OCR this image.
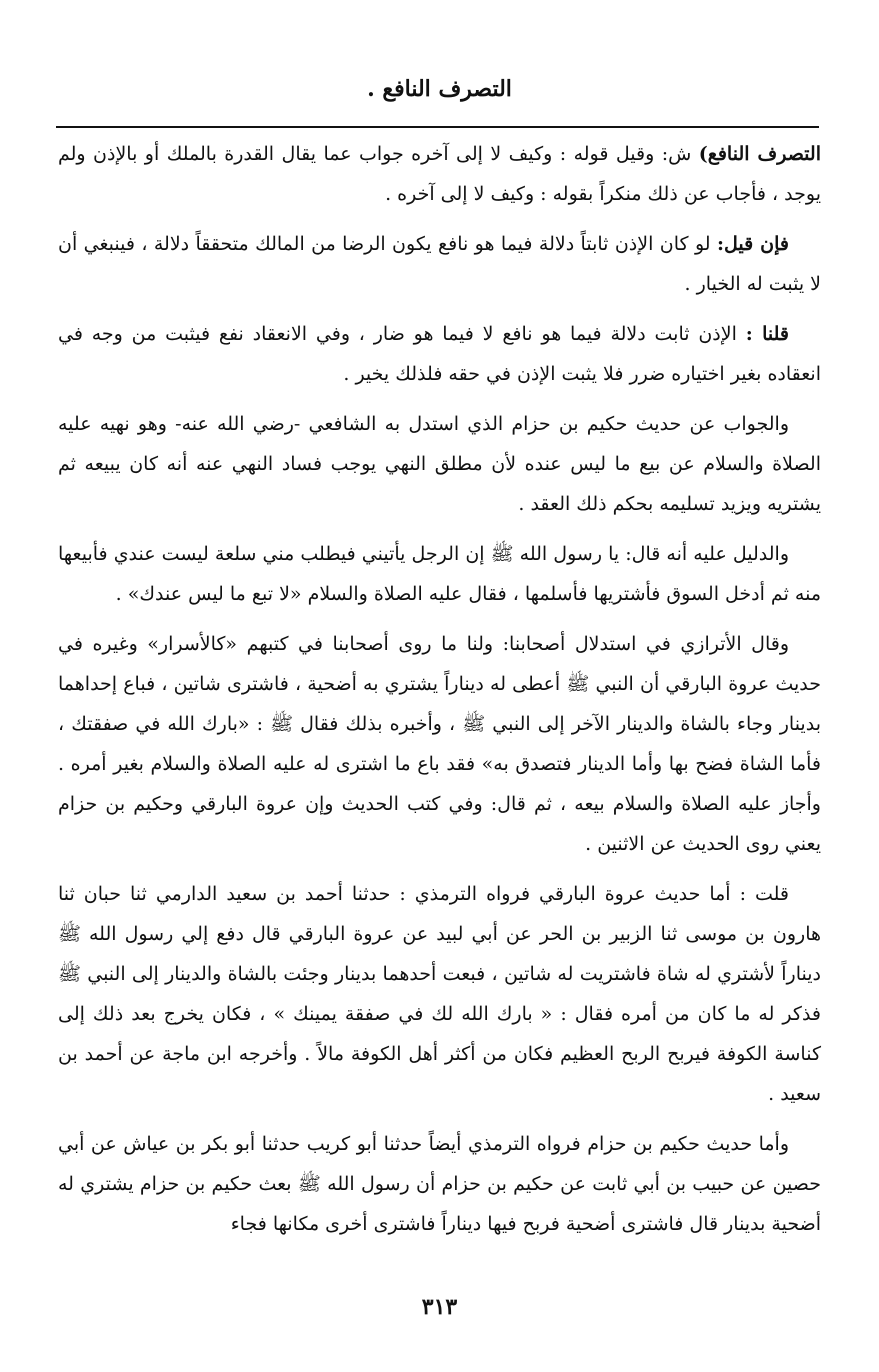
التصرف النافع .

التصرف النافع) ش: وقيل قوله : وكيف لا إلى آخره جواب عما يقال القدرة بالملك أو بالإذن ولم يوجد ، فأجاب عن ذلك منكراً بقوله : وكيف لا إلى آخره .

فإن قيل: لو كان الإذن ثابتاً دلالة فيما هو نافع يكون الرضا من المالك متحققاً دلالة ، فينبغي أن لا يثبت له الخيار .

قلنا : الإذن ثابت دلالة فيما هو نافع لا فيما هو ضار ، وفي الانعقاد نفع فيثبت من وجه في انعقاده بغير اختياره ضرر فلا يثبت الإذن في حقه فلذلك يخير .

والجواب عن حديث حكيم بن حزام الذي استدل به الشافعي -رضي الله عنه- وهو نهيه عليه الصلاة والسلام عن بيع ما ليس عنده لأن مطلق النهي يوجب فساد النهي عنه أنه كان يبيعه ثم يشتريه ويزيد تسليمه بحكم ذلك العقد .

والدليل عليه أنه قال: يا رسول الله ﷺ إن الرجل يأتيني فيطلب مني سلعة ليست عندي فأبيعها منه ثم أدخل السوق فأشتريها فأسلمها ، فقال عليه الصلاة والسلام «لا تبع ما ليس عندك» .

وقال الأترازي في استدلال أصحابنا: ولنا ما روى أصحابنا في كتبهم «كالأسرار» وغيره في حديث عروة البارقي أن النبي ﷺ أعطى له ديناراً يشتري به أضحية ، فاشترى شاتين ، فباع إحداهما بدينار وجاء بالشاة والدينار الآخر إلى النبي ﷺ ، وأخبره بذلك فقال ﷺ : «بارك الله في صفقتك ، فأما الشاة فضح بها وأما الدينار فتصدق به» فقد باع ما اشترى له عليه الصلاة والسلام بغير أمره . وأجاز عليه الصلاة والسلام بيعه ، ثم قال: وفي كتب الحديث وإن عروة البارقي وحكيم بن حزام يعني روى الحديث عن الاثنين .

قلت : أما حديث عروة البارقي فرواه الترمذي : حدثنا أحمد بن سعيد الدارمي ثنا حبان ثنا هارون بن موسى ثنا الزبير بن الحر عن أبي لبيد عن عروة البارقي قال دفع إلي رسول الله ﷺ ديناراً لأشتري له شاة فاشتريت له شاتين ، فبعت أحدهما بدينار وجئت بالشاة والدينار إلى النبي ﷺ فذكر له ما كان من أمره فقال : « بارك الله لك في صفقة يمينك » ، فكان يخرج بعد ذلك إلى كناسة الكوفة فيربح الربح العظيم فكان من أكثر أهل الكوفة مالاً . وأخرجه ابن ماجة عن أحمد بن سعيد .

وأما حديث حكيم بن حزام فرواه الترمذي أيضاً حدثنا أبو كريب حدثنا أبو بكر بن عياش عن أبي حصين عن حبيب بن أبي ثابت عن حكيم بن حزام أن رسول الله ﷺ بعث حكيم بن حزام يشتري له أضحية بدينار قال فاشترى أضحية فربح فيها ديناراً فاشترى أخرى مكانها فجاء

٣١٣
